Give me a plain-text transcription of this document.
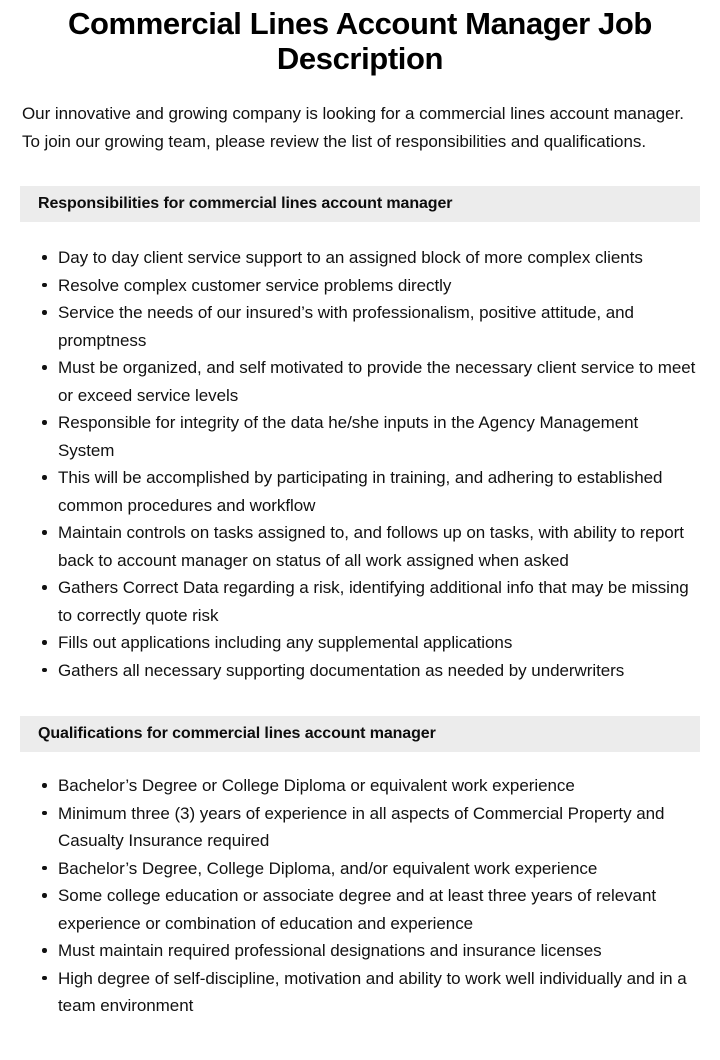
Commercial Lines Account Manager Job Description

Our innovative and growing company is looking for a commercial lines account manager. To join our growing team, please review the list of responsibilities and qualifications.

Responsibilities for commercial lines account manager
Day to day client service support to an assigned block of more complex clients
Resolve complex customer service problems directly
Service the needs of our insured’s with professionalism, positive attitude, and promptness
Must be organized, and self motivated to provide the necessary client service to meet or exceed service levels
Responsible for integrity of the data he/she inputs in the Agency Management System
This will be accomplished by participating in training, and adhering to established common procedures and workflow
Maintain controls on tasks assigned to, and follows up on tasks, with ability to report back to account manager on status of all work assigned when asked
Gathers Correct Data regarding a risk, identifying additional info that may be missing to correctly quote risk
Fills out applications including any supplemental applications
Gathers all necessary supporting documentation as needed by underwriters
Qualifications for commercial lines account manager
Bachelor’s Degree or College Diploma or equivalent work experience
Minimum three (3) years of experience in all aspects of Commercial Property and Casualty Insurance required
Bachelor’s Degree, College Diploma, and/or equivalent work experience
Some college education or associate degree and at least three years of relevant experience or combination of education and experience
Must maintain required professional designations and insurance licenses
High degree of self-discipline, motivation and ability to work well individually and in a team environment
